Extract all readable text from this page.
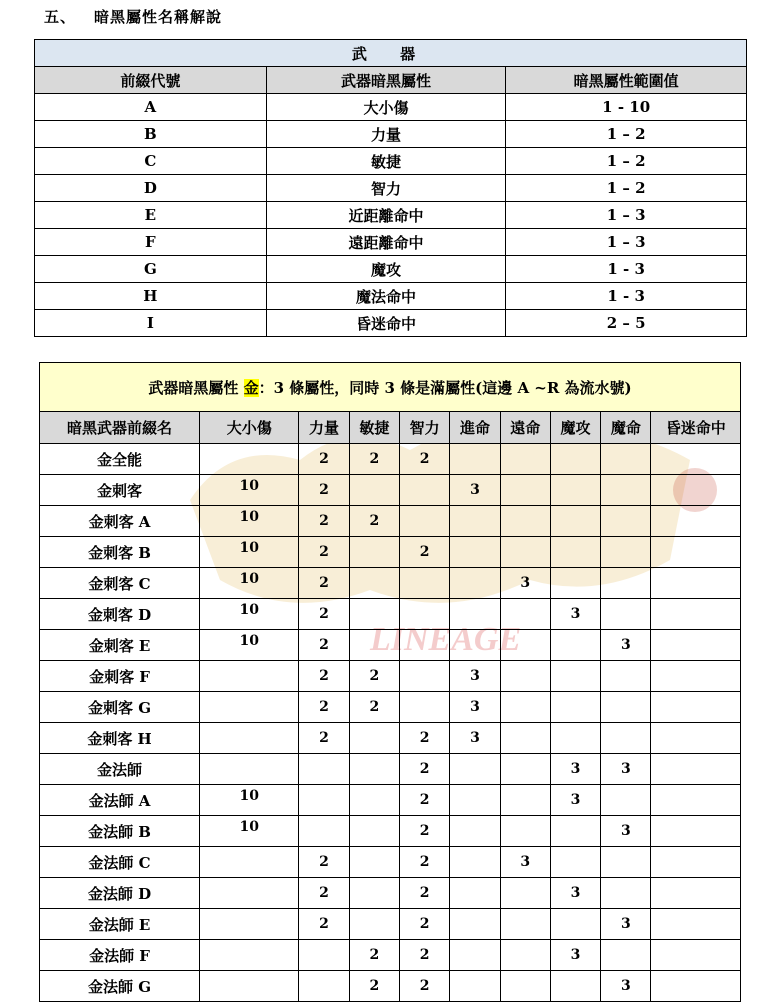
LINEAGE
五、 暗黑屬性名稱解說
武 器		
前綴代號	武器暗黑屬性	暗黑屬性範圍值
A	大小傷	1 - 10
B	力量	1 – 2
C	敏捷	1 – 2
D	智力	1 – 2
E	近距離命中	1 – 3
F	遠距離命中	1 – 3
G	魔攻	1 - 3
H	魔法命中	1 - 3
I	昏迷命中	2 – 5
武器暗黑屬性 金：3 條屬性，同時 3 條是滿屬性(這邊 A ~R 為流水號)									
暗黑武器前綴名	大小傷	力量	敏捷	智力	進命	遠命	魔攻	魔命	昏迷命中
金全能		2	2	2					
金刺客	10	2			3				
金刺客 A	10	2	2						
金刺客 B	10	2		2					
金刺客 C	10	2				3			
金刺客 D	10	2					3		
金刺客 E	10	2						3	
金刺客 F		2	2		3				
金刺客 G		2	2		3				
金刺客 H		2		2	3				
金法師				2			3	3	
金法師 A	10			2			3		
金法師 B	10			2				3	
金法師 C		2		2		3			
金法師 D		2		2			3		
金法師 E		2		2				3	
金法師 F			2	2			3		
金法師 G			2	2				3	
